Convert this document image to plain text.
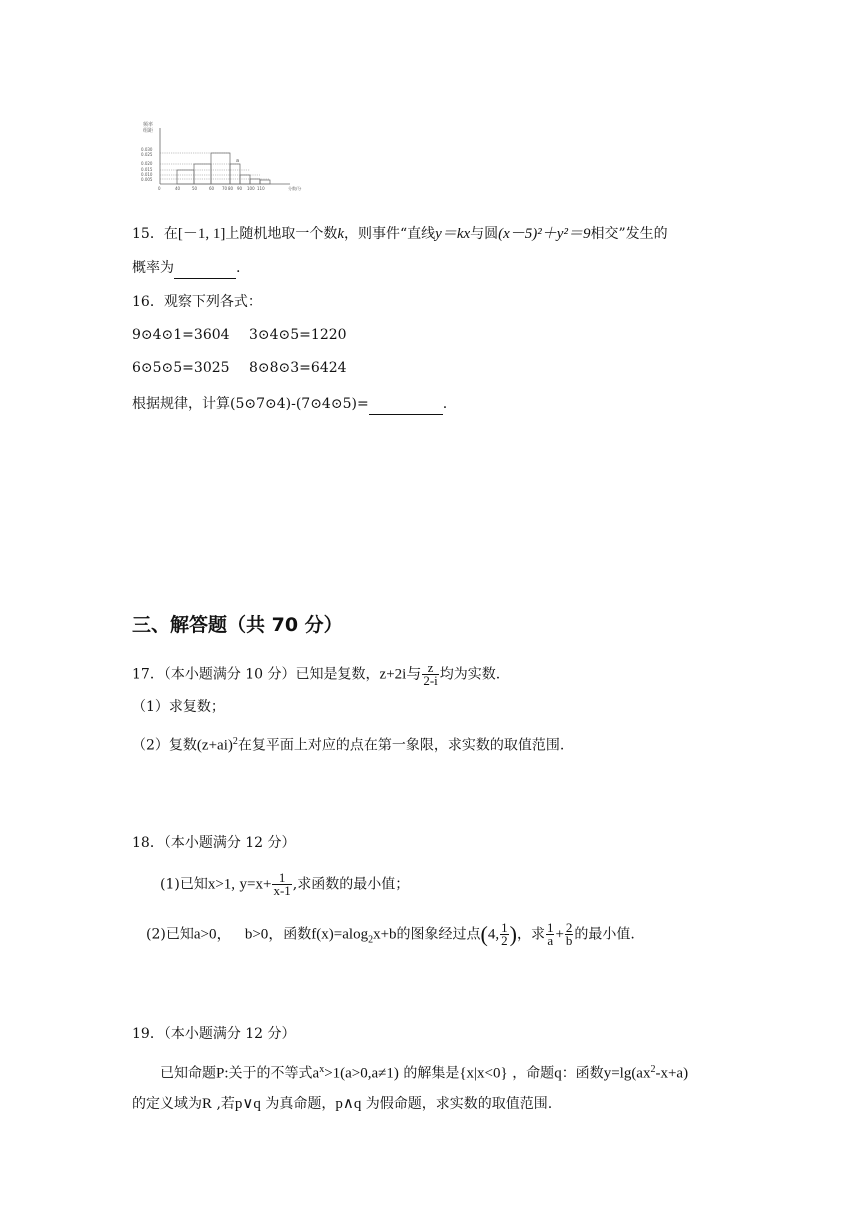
频率
组距
0.030
0.025
0.020
0.015
0.010
0.005
a
0	40	50	60 70 80 90 100 110	分数/分
15．在[－1, 1]上随机地取一个数k，则事件“直线y＝kx与圆(x－5)²＋y²＝9相交”发生的
概率为	.
16．观察下列各式：
9⊙4⊙1=3604 3⊙4⊙5=1220
6⊙5⊙5=3025 8⊙8⊙3=6424
根据规律，计算(5⊙7⊙4)-(7⊙4⊙5)=	.
三、解答题（共 70 分）
17．（本小题满分 10 分）已知是复数，z+2i与 $\frac{z}{2-i}$ 均为实数.
（1）求复数；
（2）复数$(z+ai)^2$在复平面上对应的点在第一象限，求实数的取值范围.
18．（本小题满分 12 分）
(1)已知x>1, $y=x+ \frac{1}{x-1}$ ,求函数的最小值；
(2)已知a>0， b>0，函数f(x)=alog$_2$x+b的图象经过点(4, $\frac{1}{2}$ )，求 $\frac{1}{a} + \frac{2}{b}$ 的最小值.
19．（本小题满分 12 分）
已知命题P:关于的不等式$a^x>1(a>0,a\ne 1)$ 的解集是{x|x<0} ，命题q：函数$y=\lg(ax^2-x+a)$
的定义域为R ,若p∨q 为真命题，p∧q 为假命题，求实数的取值范围.
